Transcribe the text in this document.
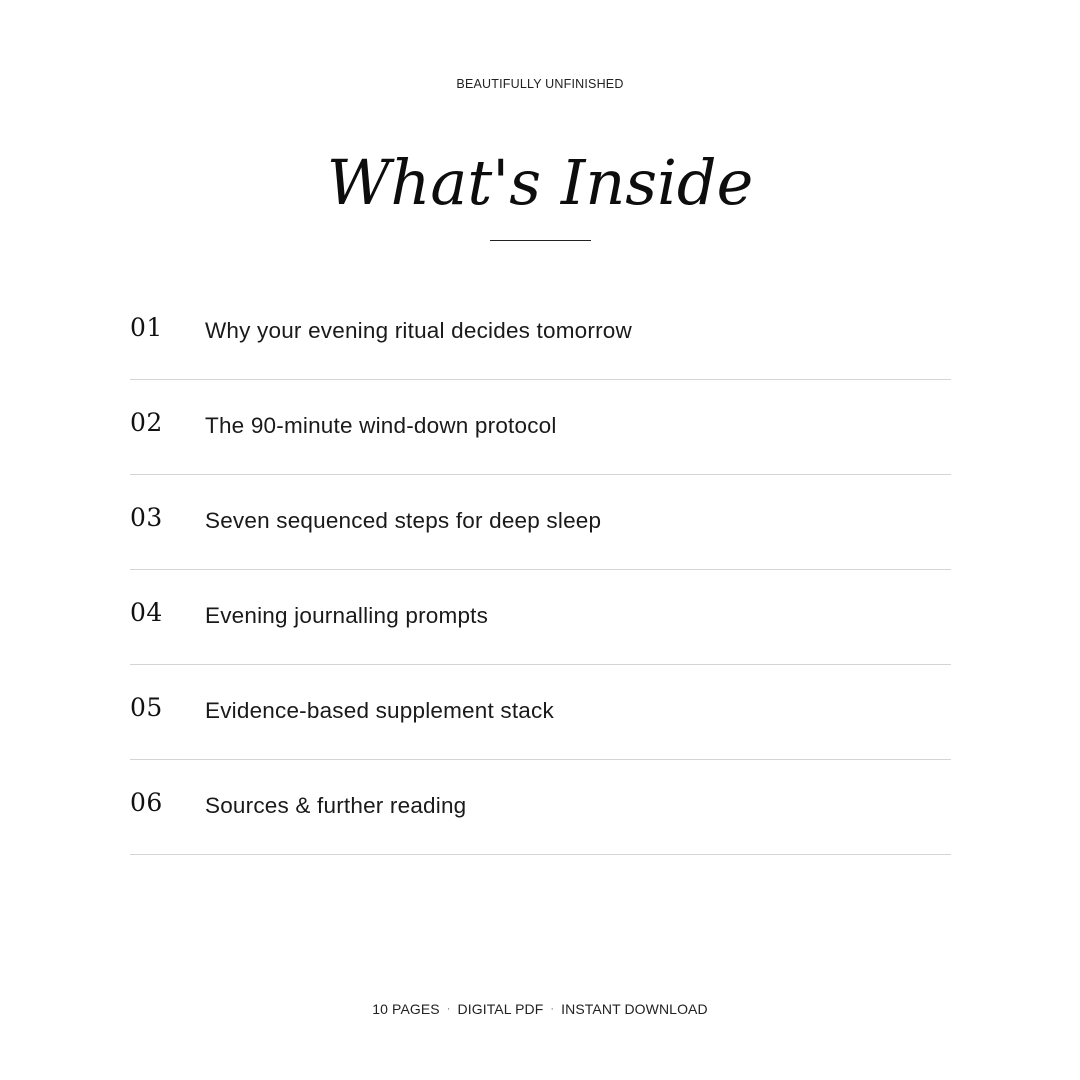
BEAUTIFULLY UNFINISHED
What's Inside
01 Why your evening ritual decides tomorrow
02 The 90-minute wind-down protocol
03 Seven sequenced steps for deep sleep
04 Evening journalling prompts
05 Evidence-based supplement stack
06 Sources & further reading
10 PAGES · DIGITAL PDF · INSTANT DOWNLOAD
